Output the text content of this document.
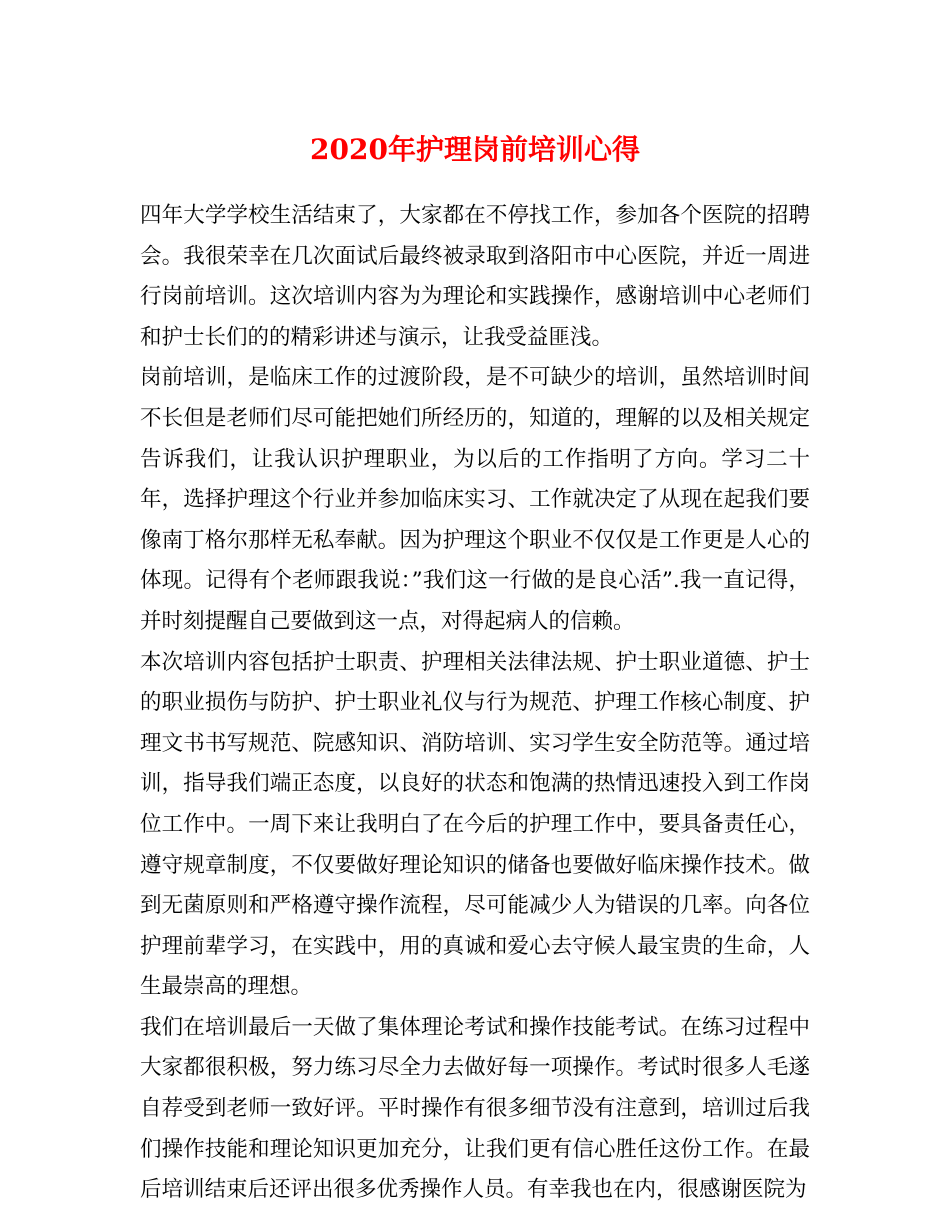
2020年护理岗前培训心得

四年大学学校生活结束了，大家都在不停找工作，参加各个医院的招聘会。我很荣幸在几次面试后最终被录取到洛阳市中心医院，并近一周进行岗前培训。这次培训内容为为理论和实践操作，感谢培训中心老师们和护士长们的的精彩讲述与演示，让我受益匪浅。

岗前培训，是临床工作的过渡阶段，是不可缺少的培训，虽然培训时间不长但是老师们尽可能把她们所经历的，知道的，理解的以及相关规定告诉我们，让我认识护理职业，为以后的工作指明了方向。学习二十年，选择护理这个行业并参加临床实习、工作就决定了从现在起我们要像南丁格尔那样无私奉献。因为护理这个职业不仅仅是工作更是人心的体现。记得有个老师跟我说：”我们这一行做的是良心活”.我一直记得，并时刻提醒自己要做到这一点，对得起病人的信赖。

本次培训内容包括护士职责、护理相关法律法规、护士职业道德、护士的职业损伤与防护、护士职业礼仪与行为规范、护理工作核心制度、护理文书书写规范、院感知识、消防培训、实习学生安全防范等。通过培训，指导我们端正态度，以良好的状态和饱满的热情迅速投入到工作岗位工作中。一周下来让我明白了在今后的护理工作中，要具备责任心，遵守规章制度，不仅要做好理论知识的储备也要做好临床操作技术。做到无菌原则和严格遵守操作流程，尽可能减少人为错误的几率。向各位护理前辈学习，在实践中，用的真诚和爱心去守候人最宝贵的生命，人生最崇高的理想。

我们在培训最后一天做了集体理论考试和操作技能考试。在练习过程中大家都很积极，努力练习尽全力去做好每一项操作。考试时很多人毛遂自荐受到老师一致好评。平时操作有很多细节没有注意到，培训过后我们操作技能和理论知识更加充分，让我们更有信心胜任这份工作。在最后培训结束后还评出很多优秀操作人员。有幸我也在内，很感谢医院为
